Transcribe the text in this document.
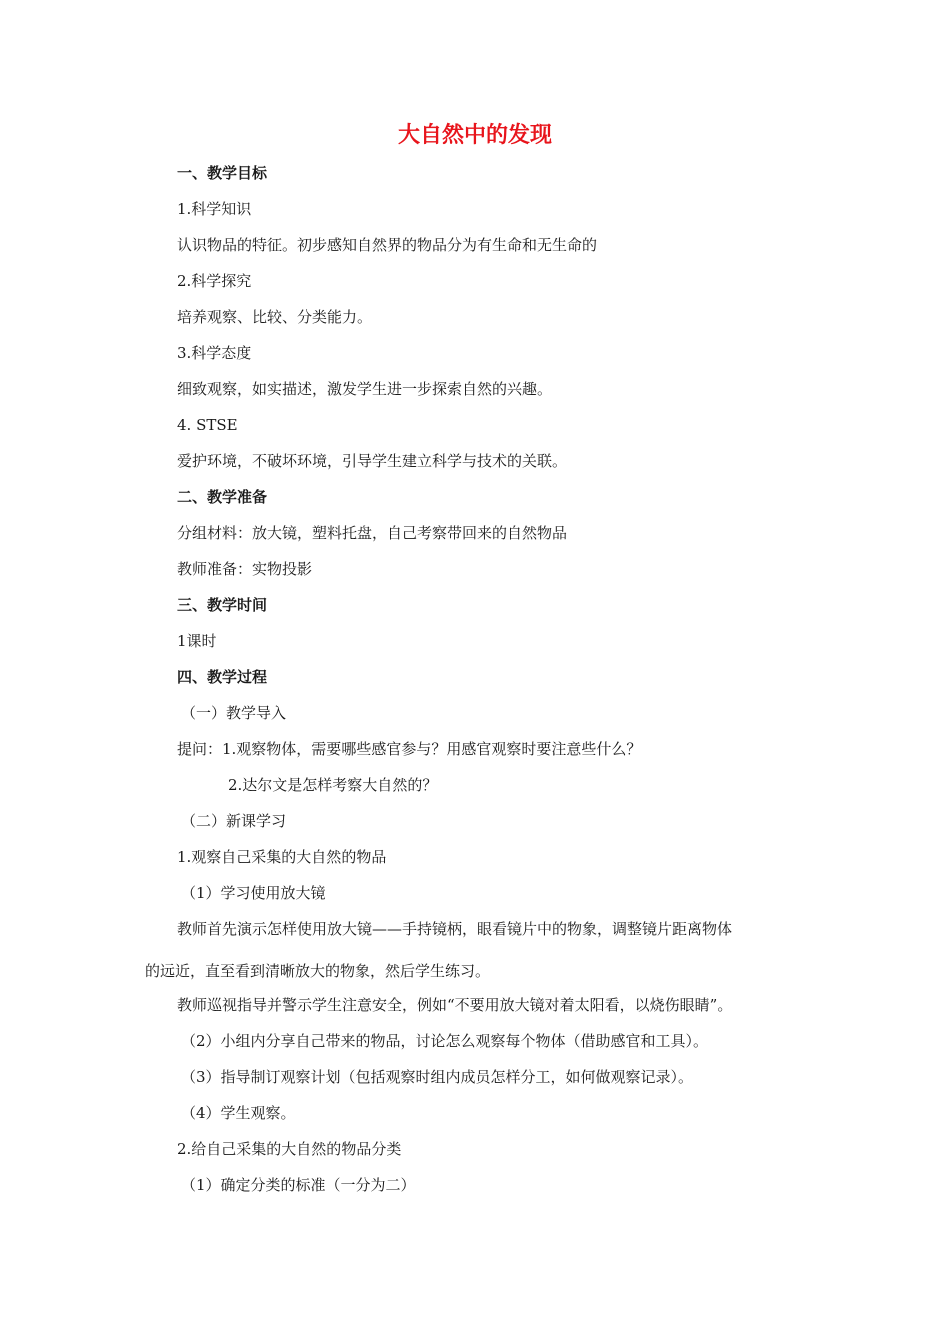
大自然中的发现
一、教学目标
1.科学知识
认识物品的特征。初步感知自然界的物品分为有生命和无生命的
2.科学探究
培养观察、比较、分类能力。
3.科学态度
细致观察，如实描述，激发学生进一步探索自然的兴趣。
4. STSE
爱护环境，不破坏环境，引导学生建立科学与技术的关联。
二、教学准备
分组材料：放大镜，塑料托盘，自己考察带回来的自然物品
教师准备：实物投影
三、教学时间
1课时
四、教学过程
（一）教学导入
提问：1.观察物体，需要哪些感官参与？用感官观察时要注意些什么？
2.达尔文是怎样考察大自然的？
（二）新课学习
1.观察自己采集的大自然的物品
（1）学习使用放大镜
教师首先演示怎样使用放大镜——手持镜柄，眼看镜片中的物象，调整镜片距离物体
的远近，直至看到清晰放大的物象，然后学生练习。
教师巡视指导并警示学生注意安全，例如“不要用放大镜对着太阳看，以烧伤眼睛”。
（2）小组内分享自己带来的物品，讨论怎么观察每个物体（借助感官和工具）。
（3）指导制订观察计划（包括观察时组内成员怎样分工，如何做观察记录）。
（4）学生观察。
2.给自己采集的大自然的物品分类
（1）确定分类的标准（一分为二）
